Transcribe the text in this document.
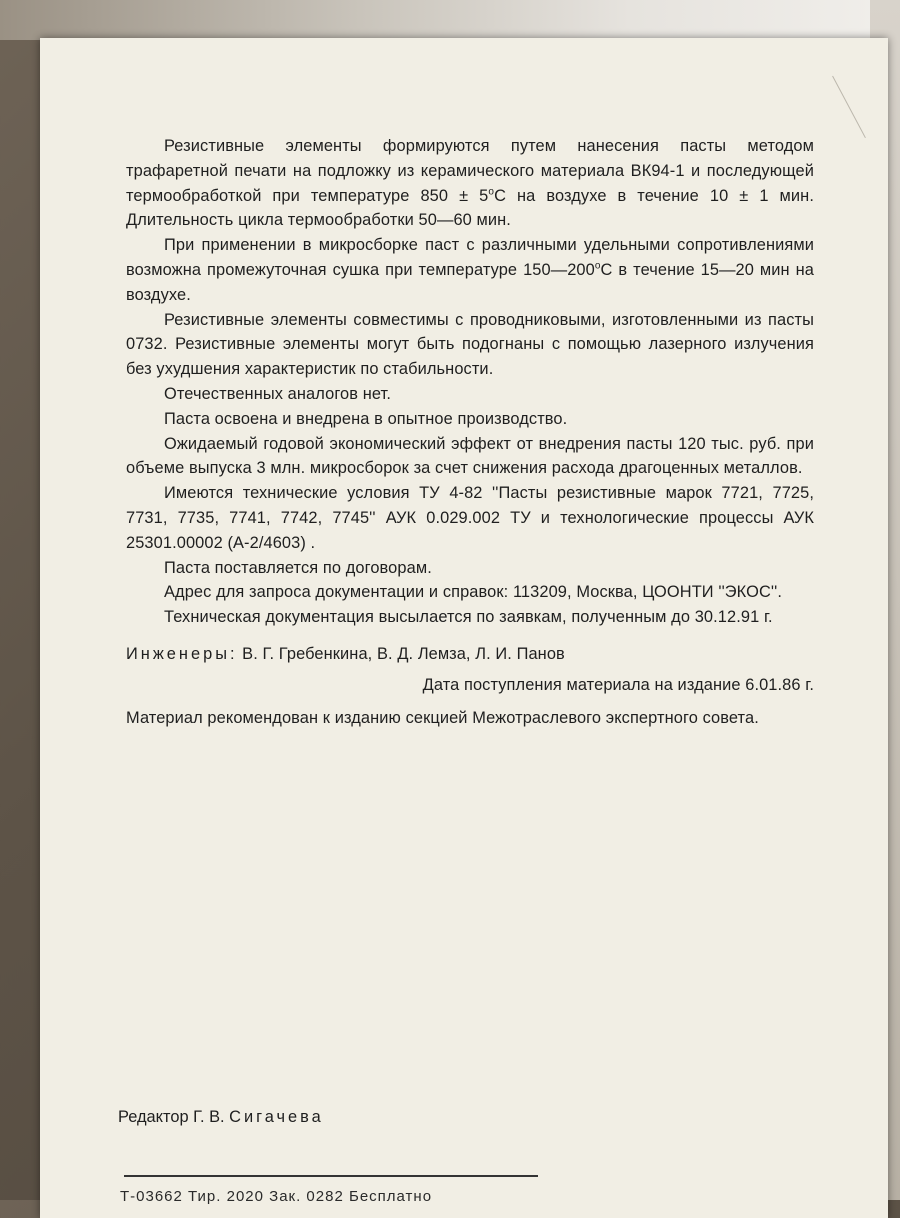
Резистивные элементы формируются путем нанесения пасты методом трафаретной печати на подложку из керамического материала ВК94-1 и последующей термообработкой при температуре $850 \pm 5^оС$ на воздухе в течение 10 ± 1 мин. Длительность цикла термообработки 50—60 мин.

При применении в микросборке паст с различными удельными сопротивлениями возможна промежуточная сушка при температуре $150—200^оС$ в течение 15—20 мин на воздухе.

Резистивные элементы совместимы с проводниковыми, изготовленными из пасты 0732. Резистивные элементы могут быть подогнаны с помощью лазерного излучения без ухудшения характеристик по стабильности.

Отечественных аналогов нет.

Паста освоена и внедрена в опытное производство.

Ожидаемый годовой экономический эффект от внедрения пасты 120 тыс. руб. при объеме выпуска 3 млн. микросборок за счет снижения расхода драгоценных металлов.

Имеются технические условия ТУ 4-82 ''Пасты резистивные марок 7721, 7725, 7731, 7735, 7741, 7742, 7745'' АУК 0.029.002 ТУ и технологические процессы АУК 25301.00002 (А-2/4603) .

Паста поставляется по договорам.

Адрес для запроса документации и справок: 113209, Москва, ЦООНТИ ''ЭКОС''.

Техническая документация высылается по заявкам, полученным до 30.12.91 г.

Инженеры: В. Г. Гребенкина, В. Д. Лемза, Л. И. Панов

Дата поступления материала на издание 6.01.86 г.

Материал рекомендован к изданию секцией Межотраслевого экспертного совета.

Редактор Г. В. Сигачева
Т-03662 Тир. 2020 Зак. 0282 Бесплатно
